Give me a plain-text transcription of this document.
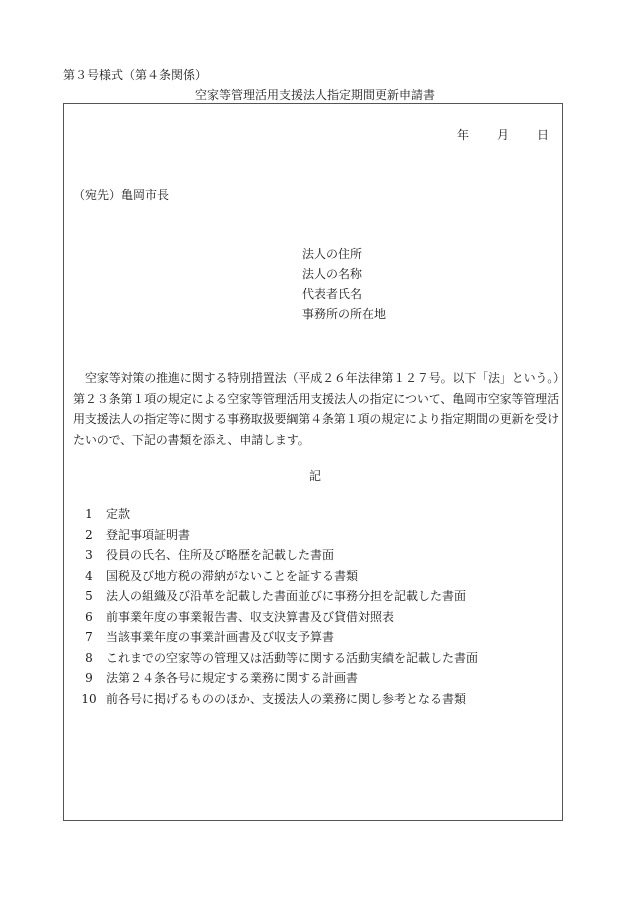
第３号様式（第４条関係）
空家等管理活用支援法人指定期間更新申請書
年 月 日
（宛先）亀岡市長
法人の住所
法人の名称
代表者氏名
事務所の所在地
空家等対策の推進に関する特別措置法（平成２６年法律第１２７号。以下「法」という。）第２３条第１項の規定による空家等管理活用支援法人の指定について、亀岡市空家等管理活用支援法人の指定等に関する事務取扱要綱第４条第１項の規定により指定期間の更新を受けたいので、下記の書類を添え、申請します。
記
1	定款
2	登記事項証明書
3	役員の氏名、住所及び略歴を記載した書面
4	国税及び地方税の滞納がないことを証する書類
5	法人の組織及び沿革を記載した書面並びに事務分担を記載した書面
6	前事業年度の事業報告書、収支決算書及び貸借対照表
7	当該事業年度の事業計画書及び収支予算書
8	これまでの空家等の管理又は活動等に関する活動実績を記載した書面
9	法第２４条各号に規定する業務に関する計画書
10 前各号に掲げるもののほか、支援法人の業務に関し参考となる書類
